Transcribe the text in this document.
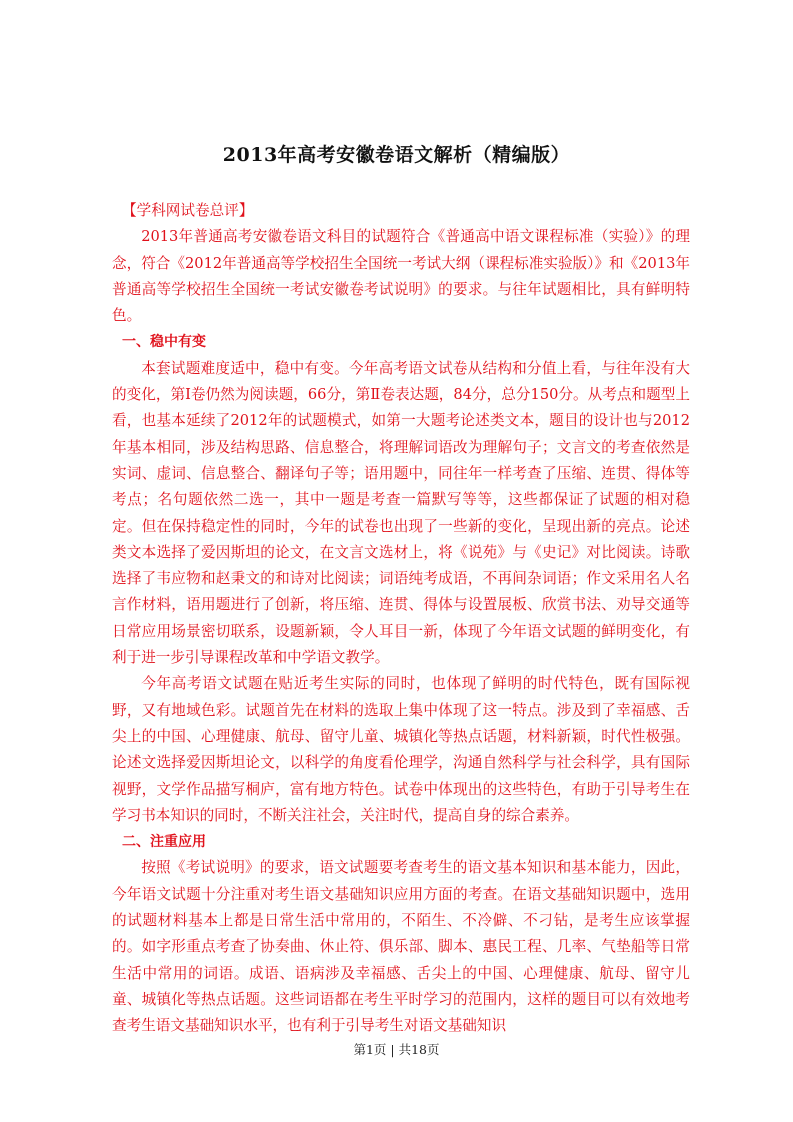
2013年高考安徽卷语文解析（精编版）

【学科网试卷总评】

2013年普通高考安徽卷语文科目的试题符合《普通高中语文课程标准（实验）》的理念，符合《2012年普通高等学校招生全国统一考试大纲（课程标准实验版）》和《2013年普通高等学校招生全国统一考试安徽卷考试说明》的要求。与往年试题相比，具有鲜明特色。

一、稳中有变

本套试题难度适中，稳中有变。今年高考语文试卷从结构和分值上看，与往年没有大的变化，第Ⅰ卷仍然为阅读题，66分，第Ⅱ卷表达题，84分，总分150分。从考点和题型上看，也基本延续了2012年的试题模式，如第一大题考论述类文本，题目的设计也与2012年基本相同，涉及结构思路、信息整合，将理解词语改为理解句子；文言文的考查依然是实词、虚词、信息整合、翻译句子等；语用题中，同往年一样考查了压缩、连贯、得体等考点；名句题依然二选一，其中一题是考查一篇默写等等，这些都保证了试题的相对稳定。但在保持稳定性的同时，今年的试卷也出现了一些新的变化，呈现出新的亮点。论述类文本选择了爱因斯坦的论文，在文言文选材上，将《说苑》与《史记》对比阅读。诗歌选择了韦应物和赵秉文的和诗对比阅读；词语纯考成语，不再间杂词语；作文采用名人名言作材料，语用题进行了创新，将压缩、连贯、得体与设置展板、欣赏书法、劝导交通等日常应用场景密切联系，设题新颖，令人耳目一新，体现了今年语文试题的鲜明变化，有利于进一步引导课程改革和中学语文教学。

今年高考语文试题在贴近考生实际的同时，也体现了鲜明的时代特色，既有国际视野，又有地域色彩。试题首先在材料的选取上集中体现了这一特点。涉及到了幸福感、舌尖上的中国、心理健康、航母、留守儿童、城镇化等热点话题，材料新颖，时代性极强。论述文选择爱因斯坦论文，以科学的角度看伦理学，沟通自然科学与社会科学，具有国际视野，文学作品描写桐庐，富有地方特色。试卷中体现出的这些特色，有助于引导考生在学习书本知识的同时，不断关注社会，关注时代，提高自身的综合素养。

二、注重应用

按照《考试说明》的要求，语文试题要考查考生的语文基本知识和基本能力，因此，今年语文试题十分注重对考生语文基础知识应用方面的考查。在语文基础知识题中，选用的试题材料基本上都是日常生活中常用的，不陌生、不冷僻、不刁钻，是考生应该掌握的。如字形重点考查了协奏曲、休止符、俱乐部、脚本、惠民工程、几率、气垫船等日常生活中常用的词语。成语、语病涉及幸福感、舌尖上的中国、心理健康、航母、留守儿童、城镇化等热点话题。这些词语都在考生平时学习的范围内，这样的题目可以有效地考查考生语文基础知识水平，也有利于引导考生对语文基础知识

第1页 | 共18页
